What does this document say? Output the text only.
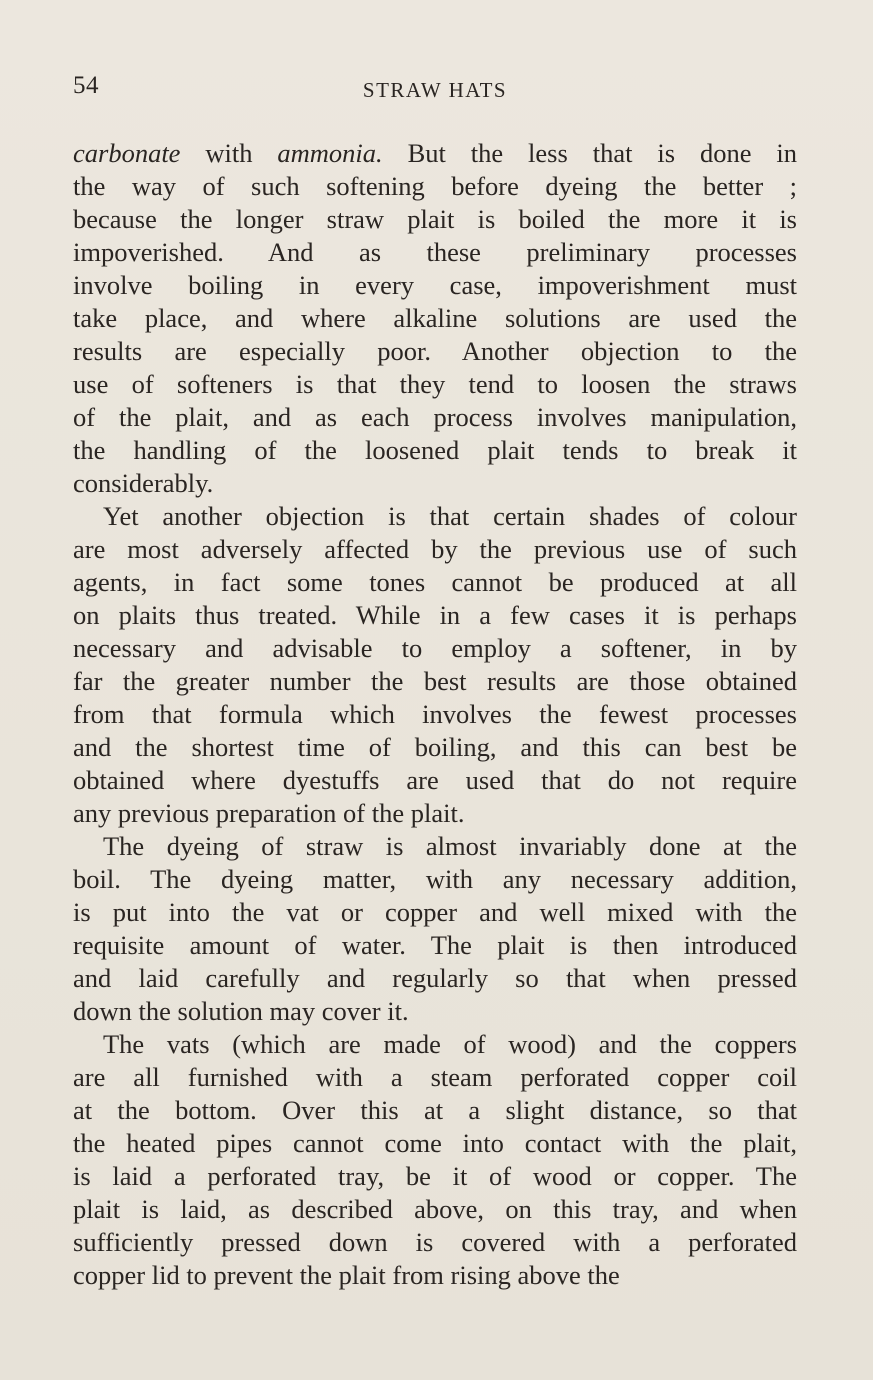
54	STRAW HATS
carbonate with ammonia. But the less that is done in
the way of such softening before dyeing the better ;
because the longer straw plait is boiled the more it is
impoverished. And as these preliminary processes
involve boiling in every case, impoverishment must
take place, and where alkaline solutions are used the
results are especially poor. Another objection to the
use of softeners is that they tend to loosen the straws
of the plait, and as each process involves manipulation,
the handling of the loosened plait tends to break it
considerably.
Yet another objection is that certain shades of colour
are most adversely affected by the previous use of such
agents, in fact some tones cannot be produced at all
on plaits thus treated. While in a few cases it is perhaps
necessary and advisable to employ a softener, in by
far the greater number the best results are those obtained
from that formula which involves the fewest processes
and the shortest time of boiling, and this can best be
obtained where dyestuffs are used that do not require
any previous preparation of the plait.
The dyeing of straw is almost invariably done at the
boil. The dyeing matter, with any necessary addition,
is put into the vat or copper and well mixed with the
requisite amount of water. The plait is then introduced
and laid carefully and regularly so that when pressed
down the solution may cover it.
The vats (which are made of wood) and the coppers
are all furnished with a steam perforated copper coil
at the bottom. Over this at a slight distance, so that
the heated pipes cannot come into contact with the plait,
is laid a perforated tray, be it of wood or copper. The
plait is laid, as described above, on this tray, and when
sufficiently pressed down is covered with a perforated
copper lid to prevent the plait from rising above the
